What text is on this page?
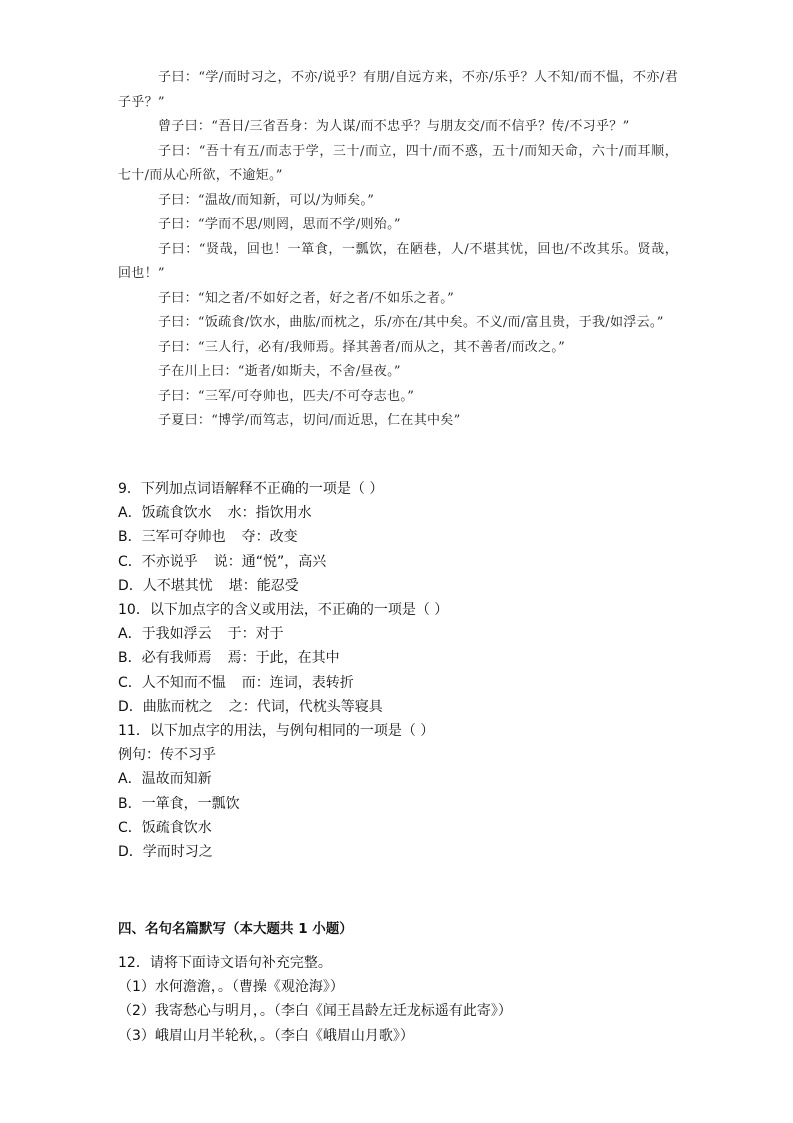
子曰：“学/而时习之，不亦/说乎？有朋/自远方来，不亦/乐乎？人不知/而不愠，不亦/君子乎？”

曾子曰：“吾日/三省吾身：为人谋/而不忠乎？与朋友交/而不信乎？传/不习乎？”

子曰：“吾十有五/而志于学，三十/而立，四十/而不惑，五十/而知天命，六十/而耳顺，七十/而从心所欲，不逾矩。”

子曰：“温故/而知新，可以/为师矣。”

子曰：“学而不思/则罔，思而不学/则殆。”

子曰：“贤哉，回也！一箪食，一瓢饮，在陋巷，人/不堪其忧，回也/不改其乐。贤哉，回也！”

子曰：“知之者/不如好之者，好之者/不如乐之者。”

子曰：“饭疏食/饮水，曲肱/而枕之，乐/亦在/其中矣。不义/而/富且贵，于我/如浮云。”

子曰：“三人行，必有/我师焉。择其善者/而从之，其不善者/而改之。”

子在川上曰：“逝者/如斯夫，不舍/昼夜。”

子曰：“三军/可夺帅也，匹夫/不可夺志也。”

子夏曰：“博学/而笃志，切问/而近思，仁在其中矣”

9．下列加点词语解释不正确的一项是（ ）

A．饭疏食饮水 水：指饮用水

B．三军可夺帅也 夺：改变

C．不亦说乎 说：通“悦”，高兴

D．人不堪其忧 堪：能忍受

10．以下加点字的含义或用法，不正确的一项是（ ）

A．于我如浮云 于：对于

B．必有我师焉 焉：于此，在其中

C．人不知而不愠 而：连词，表转折

D．曲肱而枕之 之：代词，代枕头等寝具

11．以下加点字的用法，与例句相同的一项是（ ）

例句：传不习乎

A．温故而知新

B．一箪食，一瓢饮

C．饭疏食饮水

D．学而时习之

四、名句名篇默写（本大题共 1 小题）

12．请将下面诗文语句补充完整。

（1）水何澹澹，。（曹操《观沧海》）

（2）我寄愁心与明月，。（李白《闻王昌龄左迁龙标遥有此寄》）

（3）峨眉山月半轮秋，。（李白《峨眉山月歌》）
